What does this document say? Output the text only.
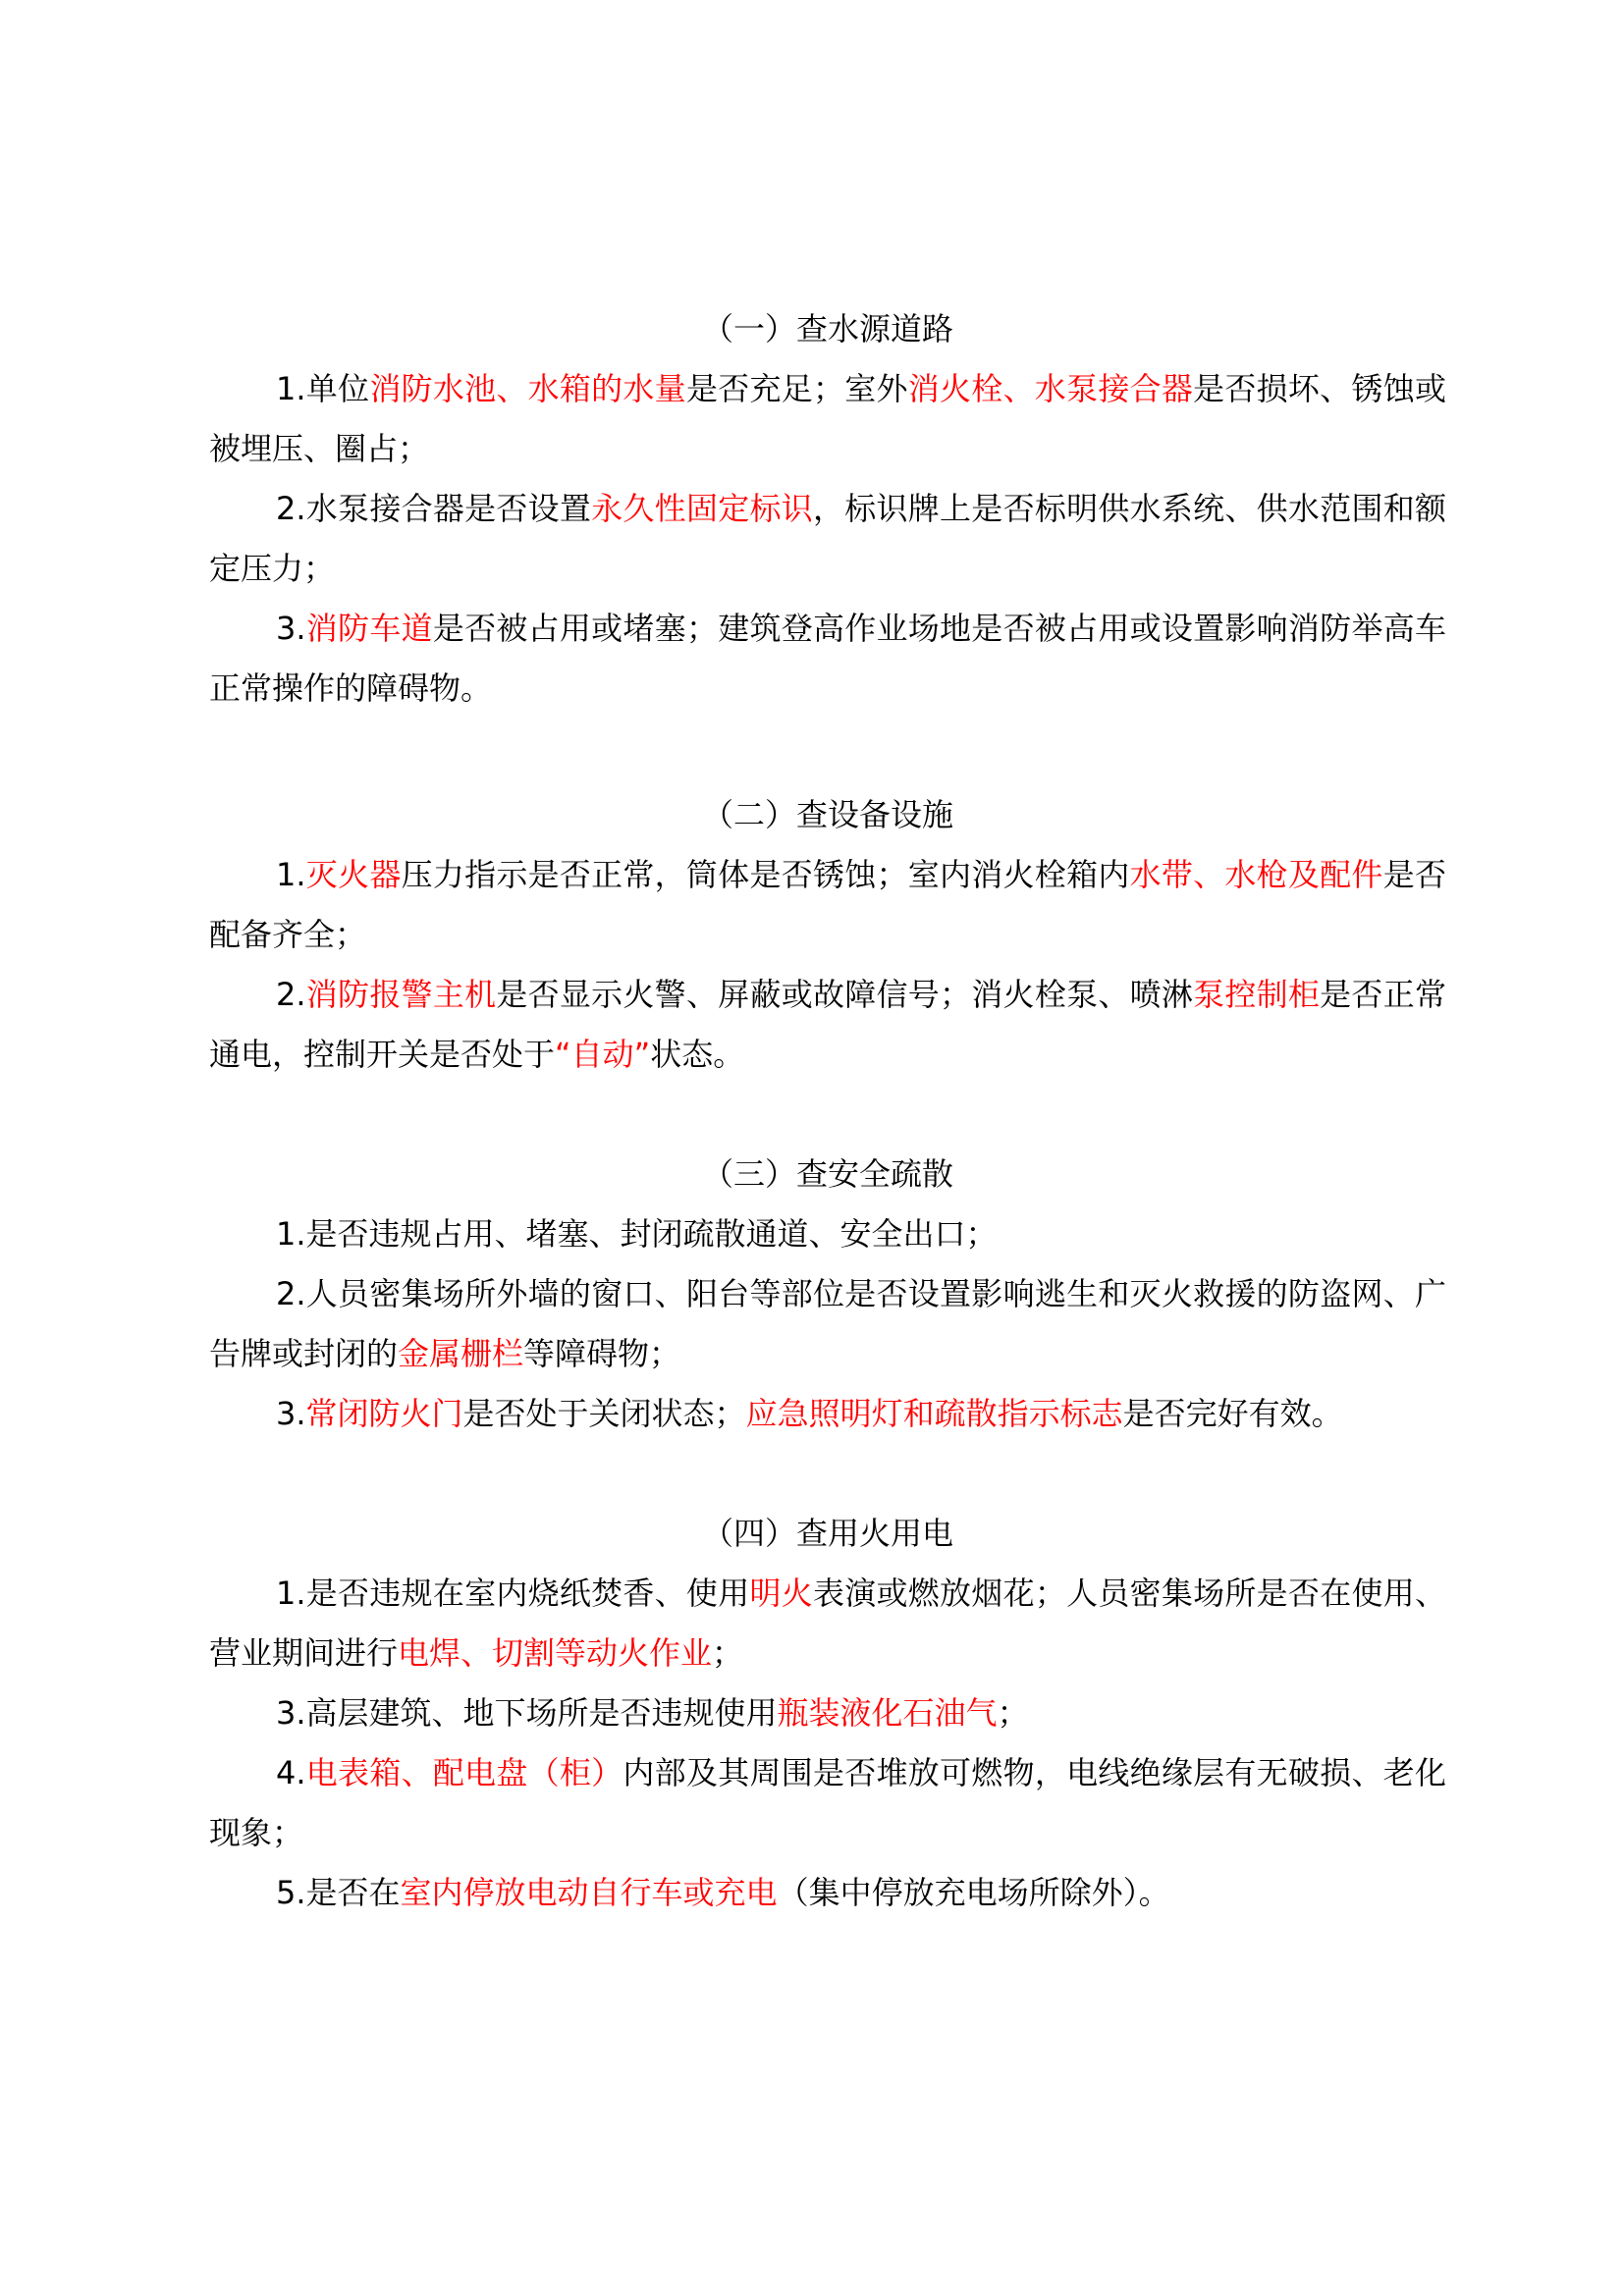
（一）查水源道路

1.单位消防水池、水箱的水量是否充足；室外消火栓、水泵接合器是否损坏、锈蚀或被埋压、圈占；

2.水泵接合器是否设置永久性固定标识，标识牌上是否标明供水系统、供水范围和额定压力；

3.消防车道是否被占用或堵塞；建筑登高作业场地是否被占用或设置影响消防举高车正常操作的障碍物。

（二）查设备设施

1.灭火器压力指示是否正常，筒体是否锈蚀；室内消火栓箱内水带、水枪及配件是否配备齐全；

2.消防报警主机是否显示火警、屏蔽或故障信号；消火栓泵、喷淋泵控制柜是否正常通电，控制开关是否处于“自动”状态。

（三）查安全疏散

1.是否违规占用、堵塞、封闭疏散通道、安全出口；

2.人员密集场所外墙的窗口、阳台等部位是否设置影响逃生和灭火救援的防盗网、广告牌或封闭的金属栅栏等障碍物；

3.常闭防火门是否处于关闭状态；应急照明灯和疏散指示标志是否完好有效。

（四）查用火用电

1.是否违规在室内烧纸焚香、使用明火表演或燃放烟花；人员密集场所是否在使用、营业期间进行电焊、切割等动火作业；

3.高层建筑、地下场所是否违规使用瓶装液化石油气；

4.电表箱、配电盘（柜）内部及其周围是否堆放可燃物，电线绝缘层有无破损、老化现象；

5.是否在室内停放电动自行车或充电（集中停放充电场所除外）。
